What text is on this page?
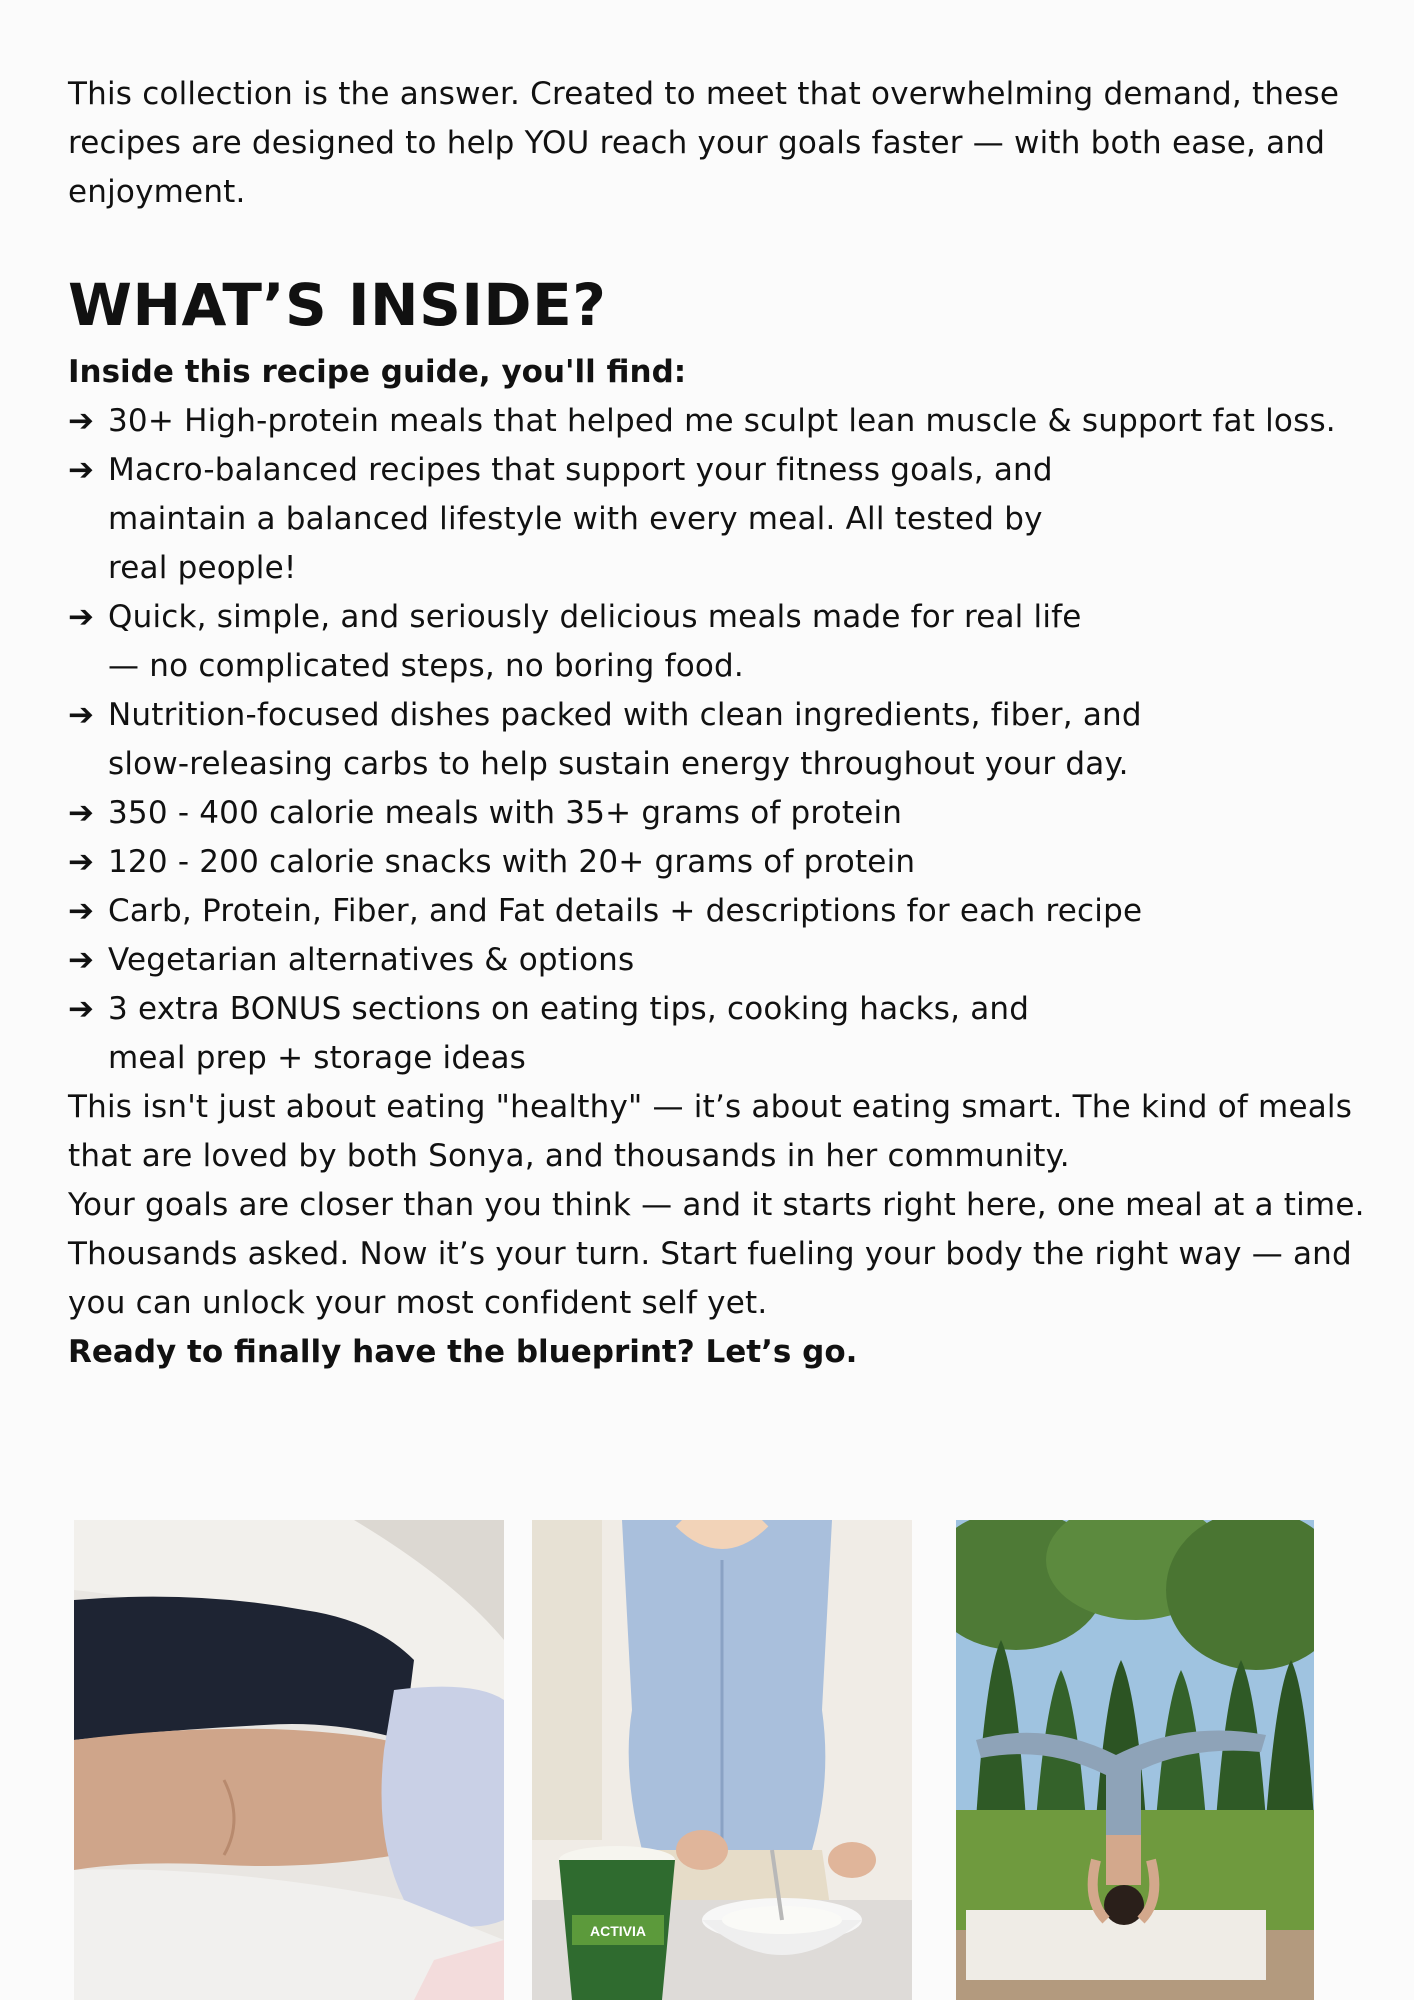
This collection is the answer. Created to meet that overwhelming demand, these recipes are designed to help YOU reach your goals faster — with both ease, and enjoyment.

WHAT’S INSIDE?

Inside this recipe guide, you'll find:

➔ 30+ High-protein meals that helped me sculpt lean muscle & support fat loss.
➔ Macro-balanced recipes that support your fitness goals, and maintain a balanced lifestyle with every meal. All tested by real people!
➔ Quick, simple, and seriously delicious meals made for real life — no complicated steps, no boring food.
➔ Nutrition-focused dishes packed with clean ingredients, fiber, and slow-releasing carbs to help sustain energy throughout your day.
➔ 350 - 400 calorie meals with 35+ grams of protein
➔ 120 - 200 calorie snacks with 20+ grams of protein
➔ Carb, Protein, Fiber, and Fat details + descriptions for each recipe
➔ Vegetarian alternatives & options
➔ 3 extra BONUS sections on eating tips, cooking hacks, and meal prep + storage ideas

This isn't just about eating "healthy" — it’s about eating smart. The kind of meals that are loved by both Sonya, and thousands in her community.

Your goals are closer than you think — and it starts right here, one meal at a time. Thousands asked. Now it’s your turn. Start fueling your body the right way — and you can unlock your most confident self yet.

Ready to finally have the blueprint? Let’s go.

ACTIVIA
